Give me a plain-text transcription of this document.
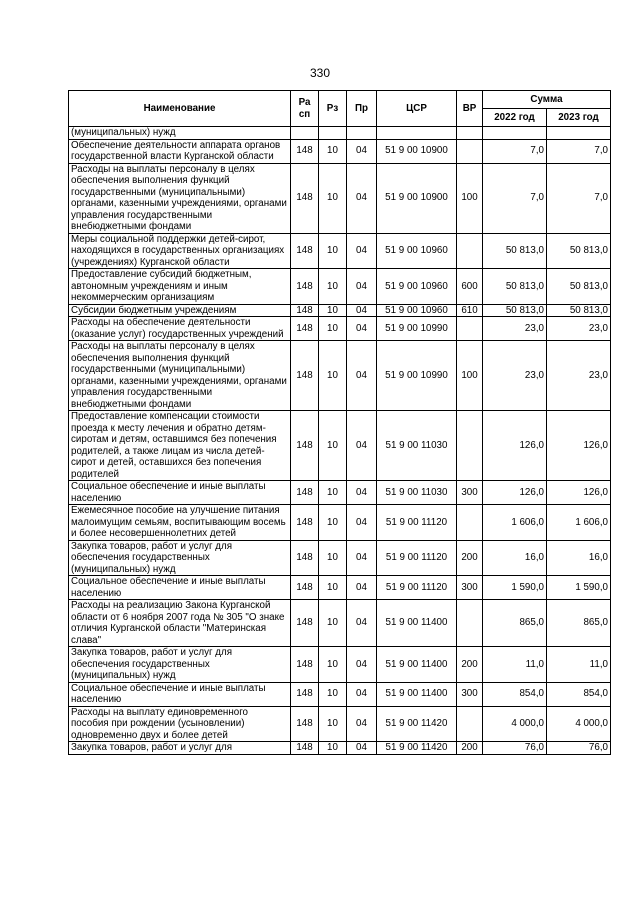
330
Наименование	Ра сп	Рз	Пр	ЦСР	ВР	Сумма	
						2022 год	2023 год
(муниципальных) нужд							
Обеспечение деятельности аппарата органов государственной власти Курганской области	148	10	04	51 9 00 10900		7,0	7,0
Расходы на выплаты персоналу в целях обеспечения выполнения функций государственными (муниципальными) органами, казенными учреждениями, органами управления государственными внебюджетными фондами	148	10	04	51 9 00 10900	100	7,0	7,0
Меры социальной поддержки детей-сирот, находящихся в государственных организациях (учреждениях) Курганской области	148	10	04	51 9 00 10960		50 813,0	50 813,0
Предоставление субсидий бюджетным, автономным учреждениям и иным некоммерческим организациям	148	10	04	51 9 00 10960	600	50 813,0	50 813,0
Субсидии бюджетным учреждениям	148	10	04	51 9 00 10960	610	50 813,0	50 813,0
Расходы на обеспечение деятельности (оказание услуг) государственных учреждений	148	10	04	51 9 00 10990		23,0	23,0
Расходы на выплаты персоналу в целях обеспечения выполнения функций государственными (муниципальными) органами, казенными учреждениями, органами управления государственными внебюджетными фондами	148	10	04	51 9 00 10990	100	23,0	23,0
Предоставление компенсации стоимости проезда к месту лечения и обратно детям-сиротам и детям, оставшимся без попечения родителей, а также лицам из числа детей-сирот и детей, оставшихся без попечения родителей	148	10	04	51 9 00 11030		126,0	126,0
Социальное обеспечение и иные выплаты населению	148	10	04	51 9 00 11030	300	126,0	126,0
Ежемесячное пособие на улучшение питания малоимущим семьям, воспитывающим восемь и более несовершеннолетних детей	148	10	04	51 9 00 11120		1 606,0	1 606,0
Закупка товаров, работ и услуг для обеспечения государственных (муниципальных) нужд	148	10	04	51 9 00 11120	200	16,0	16,0
Социальное обеспечение и иные выплаты населению	148	10	04	51 9 00 11120	300	1 590,0	1 590,0
Расходы на реализацию Закона Курганской области от 6 ноября 2007 года № 305 "О знаке отличия Курганской области "Материнская слава"	148	10	04	51 9 00 11400		865,0	865,0
Закупка товаров, работ и услуг для обеспечения государственных (муниципальных) нужд	148	10	04	51 9 00 11400	200	11,0	11,0
Социальное обеспечение и иные выплаты населению	148	10	04	51 9 00 11400	300	854,0	854,0
Расходы на выплату единовременного пособия при рождении (усыновлении) одновременно двух и более детей	148	10	04	51 9 00 11420		4 000,0	4 000,0
Закупка товаров, работ и услуг для	148	10	04	51 9 00 11420	200	76,0	76,0
